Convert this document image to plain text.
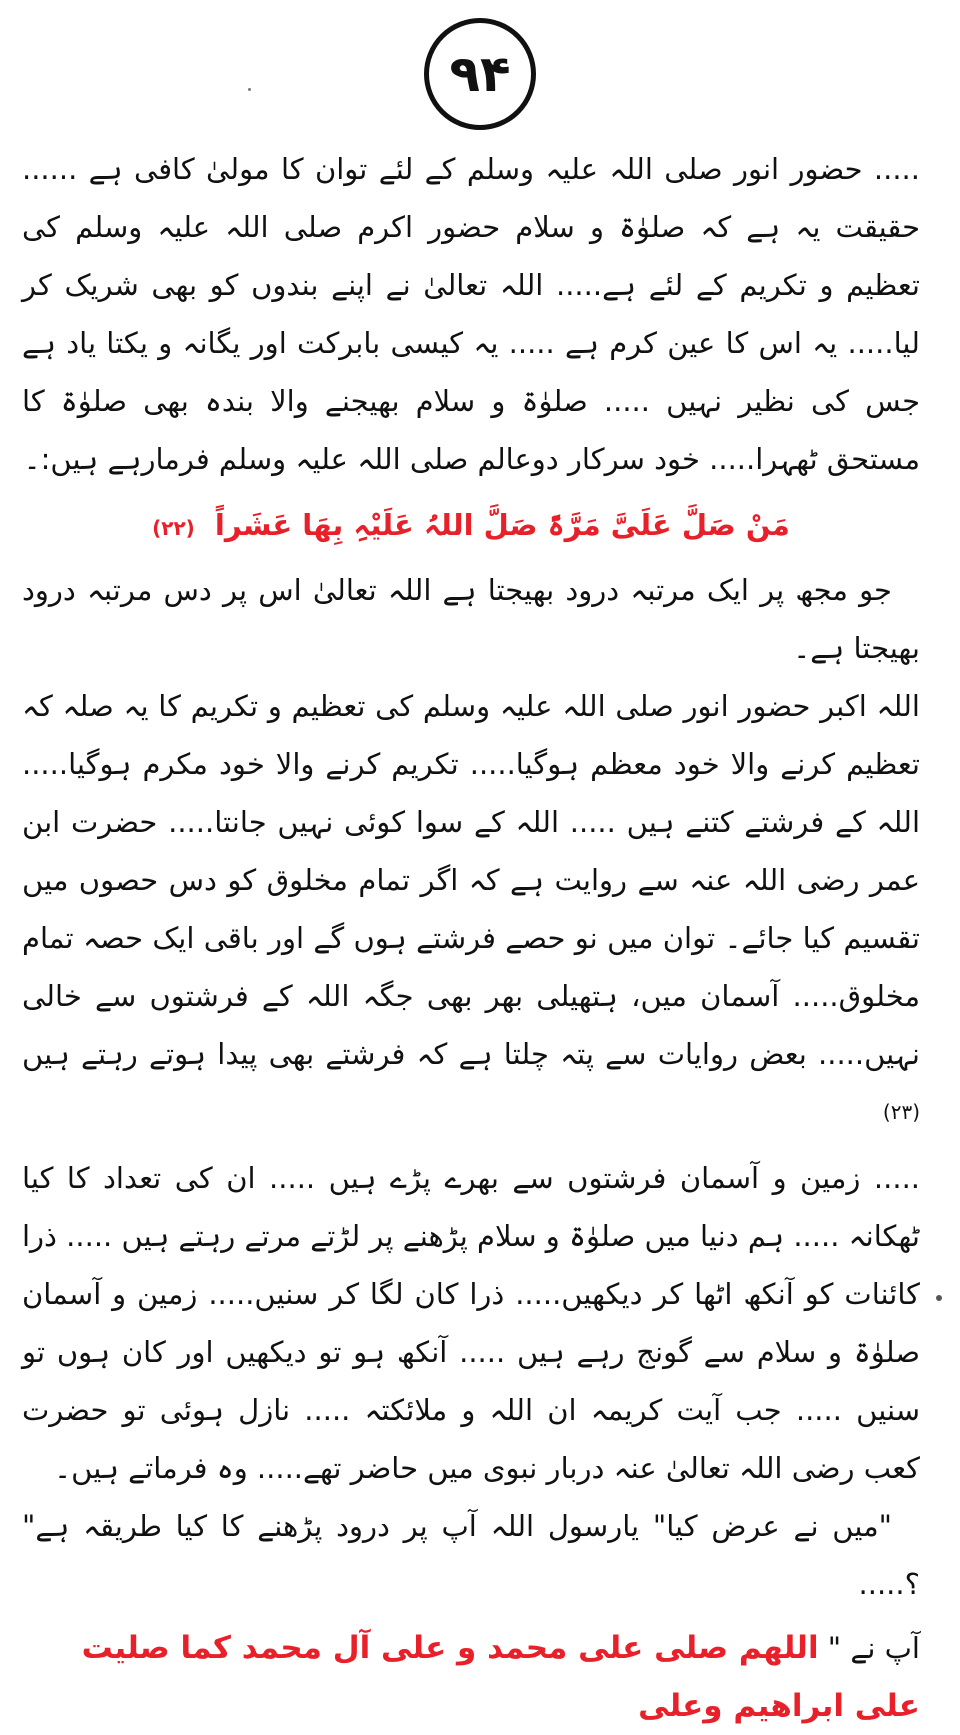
۹۴

..... حضور انور صلی اللہ علیہ وسلم کے لئے توان کا مولیٰ کافی ہے ...... حقیقت یہ ہے کہ صلوٰۃ و سلام حضور اکرم صلی اللہ علیہ وسلم کی تعظیم و تکریم کے لئے ہے..... اللہ تعالیٰ نے اپنے بندوں کو بھی شریک کر لیا..... یہ اس کا عین کرم ہے ..... یہ کیسی بابرکت اور یگانہ و یکتا یاد ہے جس کی نظیر نہیں ..... صلوٰۃ و سلام بھیجنے والا بندہ بھی صلوٰۃ کا مستحق ٹھہرا..... خود سرکار دوعالم صلی اللہ علیہ وسلم فرمارہے ہیں:۔

مَنْ صَلَّ عَلَیَّ مَرَّۃً صَلَّ اللہُ عَلَیْہِ بِھَا عَشَراً (۲۲)

جو مجھ پر ایک مرتبہ درود بھیجتا ہے اللہ تعالیٰ اس پر دس مرتبہ درود بھیجتا ہے۔

اللہ اکبر حضور انور صلی اللہ علیہ وسلم کی تعظیم و تکریم کا یہ صلہ کہ تعظیم کرنے والا خود معظم ہوگیا..... تکریم کرنے والا خود مکرم ہوگیا..... اللہ کے فرشتے کتنے ہیں ..... اللہ کے سوا کوئی نہیں جانتا..... حضرت ابن عمر رضی اللہ عنہ سے روایت ہے کہ اگر تمام مخلوق کو دس حصوں میں تقسیم کیا جائے۔ توان میں نو حصے فرشتے ہوں گے اور باقی ایک حصہ تمام مخلوق..... آسمان میں، ہتھیلی بھر بھی جگہ اللہ کے فرشتوں سے خالی نہیں..... بعض روایات سے پتہ چلتا ہے کہ فرشتے بھی پیدا ہوتے رہتے ہیں $^{(۲۳)}$

..... زمین و آسمان فرشتوں سے بھرے پڑے ہیں ..... ان کی تعداد کا کیا ٹھکانہ ..... ہم دنیا میں صلوٰۃ و سلام پڑھنے پر لڑتے مرتے رہتے ہیں ..... ذرا کائنات کو آنکھ اٹھا کر دیکھیں..... ذرا کان لگا کر سنیں..... زمین و آسمان صلوٰۃ و سلام سے گونج رہے ہیں ..... آنکھ ہو تو دیکھیں اور کان ہوں تو سنیں ..... جب آیت کریمہ ان اللہ و ملائکتہ ..... نازل ہوئی تو حضرت کعب رضی اللہ تعالیٰ عنہ دربار نبوی میں حاضر تھے..... وہ فرماتے ہیں۔

"میں نے عرض کیا" یارسول اللہ آپ پر درود پڑھنے کا کیا طریقہ ہے" ؟.....

آپ نے " اللھم صلی علی محمد و علی آل محمد کما صلیت علی ابراھیم وعلی
